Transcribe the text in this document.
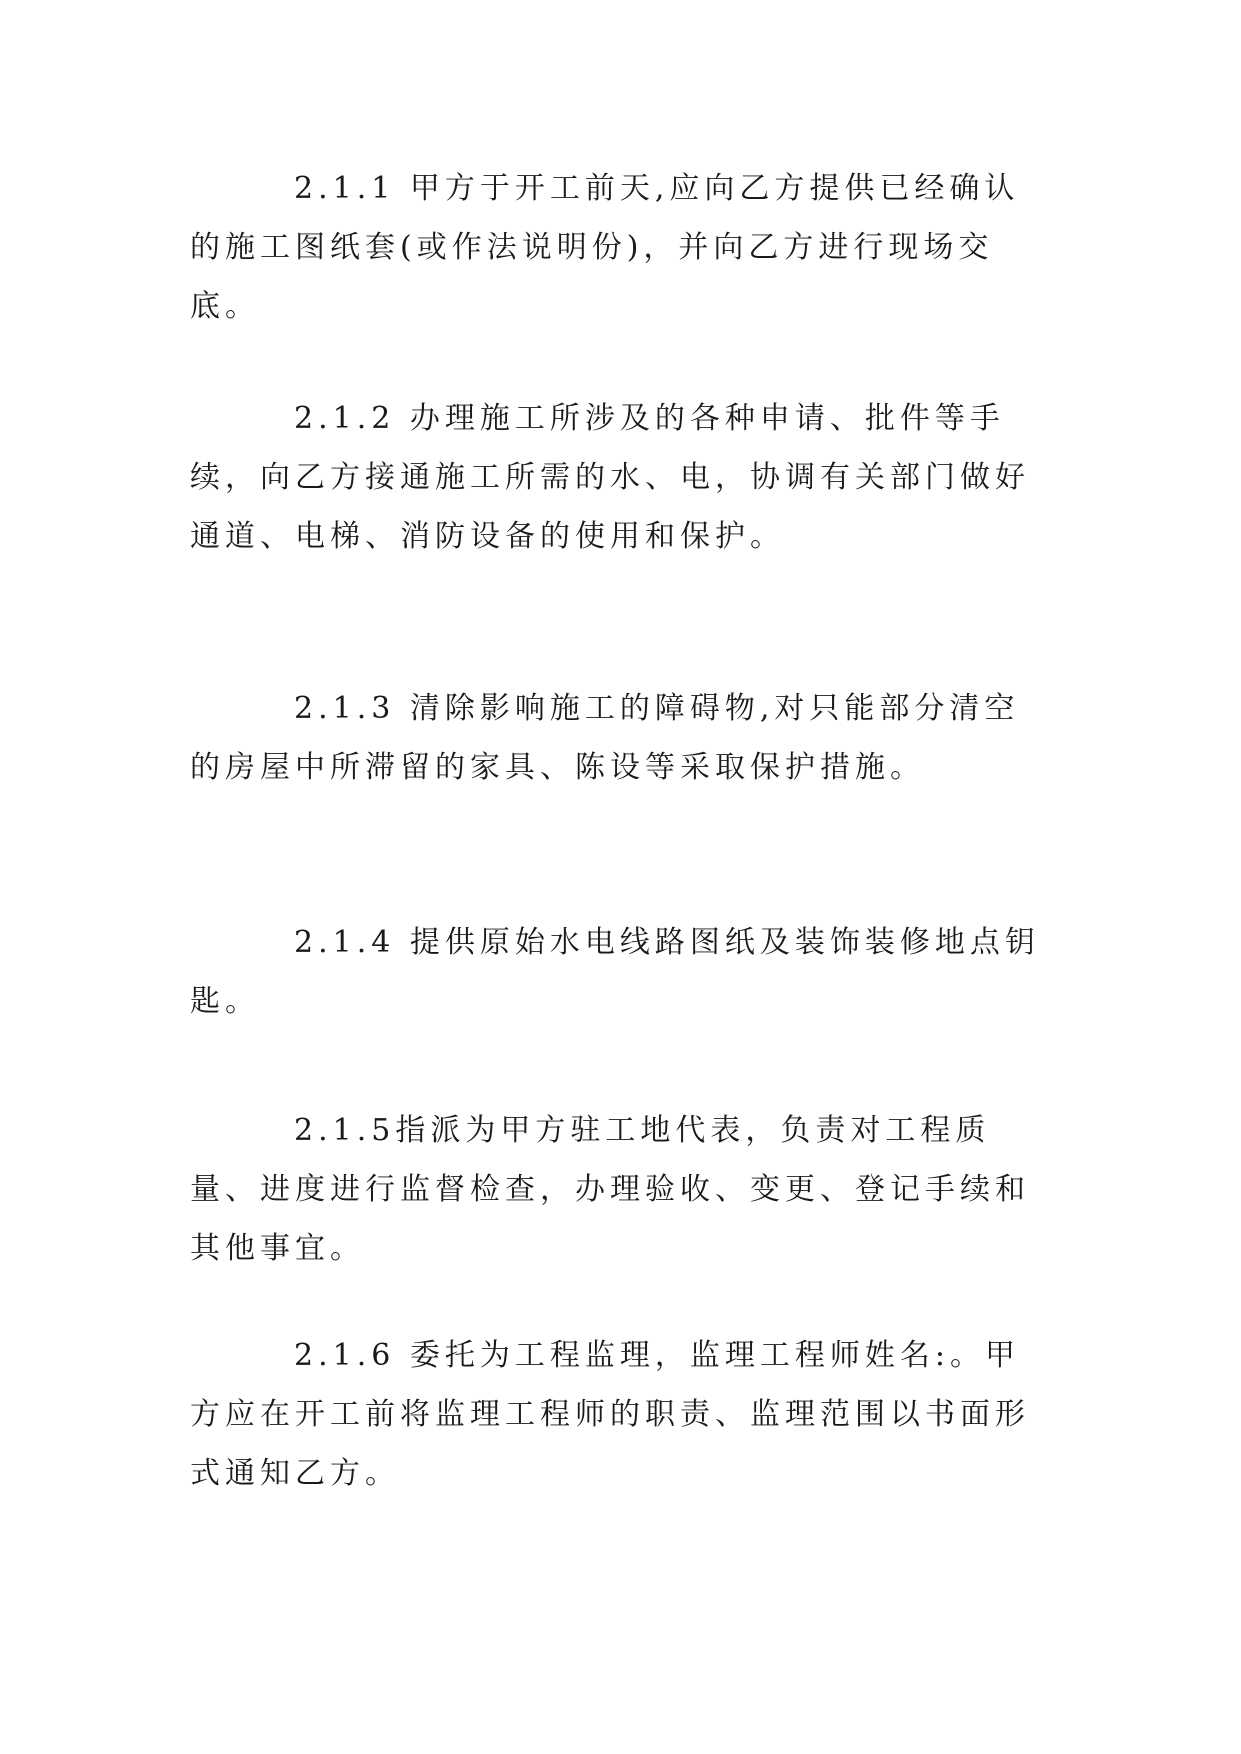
2.1.1 甲方于开工前天,应向乙方提供已经确认的施工图纸套(或作法说明份)，并向乙方进行现场交底。

2.1.2 办理施工所涉及的各种申请、批件等手续，向乙方接通施工所需的水、电，协调有关部门做好通道、电梯、消防设备的使用和保护。

2.1.3 清除影响施工的障碍物,对只能部分清空的房屋中所滞留的家具、陈设等采取保护措施。

2.1.4 提供原始水电线路图纸及装饰装修地点钥匙。

2.1.5指派为甲方驻工地代表，负责对工程质量、进度进行监督检查，办理验收、变更、登记手续和其他事宜。

2.1.6 委托为工程监理，监理工程师姓名:。甲方应在开工前将监理工程师的职责、监理范围以书面形式通知乙方。
